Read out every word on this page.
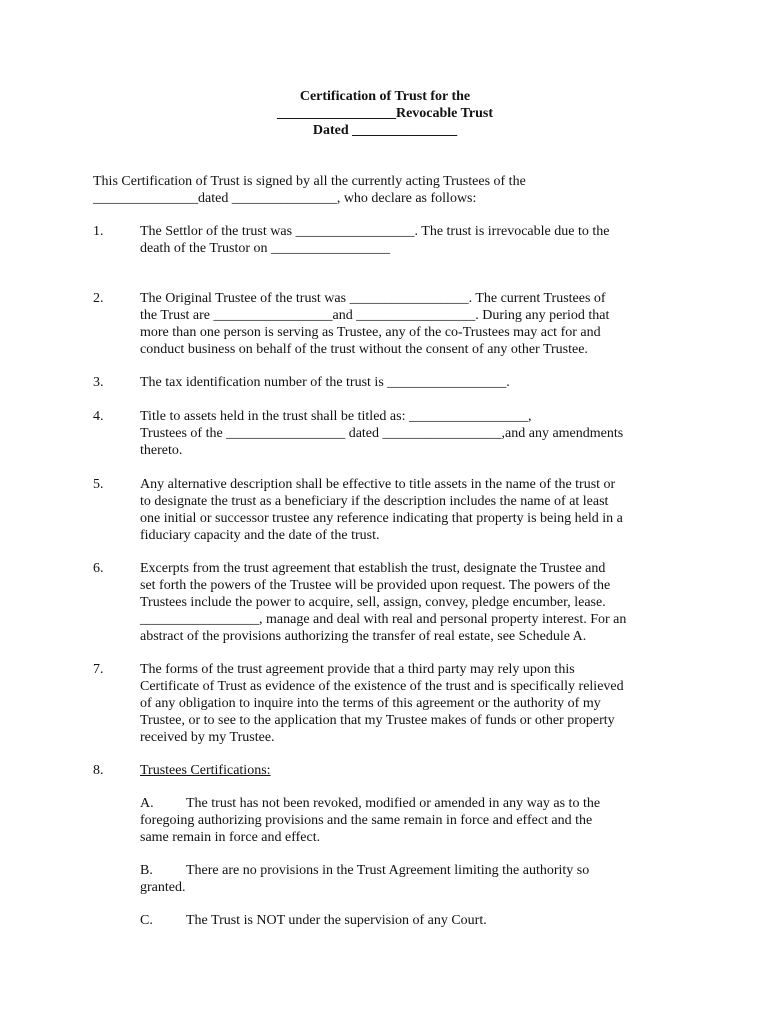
Certification of Trust for the
_________________Revocable Trust
Dated _______________
This Certification of Trust is signed by all the currently acting Trustees of the
_______________dated _______________, who declare as follows:
1.	The Settlor of the trust was _________________. The trust is irrevocable due to the
death of the Trustor on _________________
2.	The Original Trustee of the trust was _________________. The current Trustees of
the Trust are _________________and _________________. During any period that
more than one person is serving as Trustee, any of the co-Trustees may act for and
conduct business on behalf of the trust without the consent of any other Trustee.
3.	The tax identification number of the trust is _________________.
4.	Title to assets held in the trust shall be titled as: _________________,
Trustees of the _________________ dated _________________,and any amendments
thereto.
5.	Any alternative description shall be effective to title assets in the name of the trust or
to designate the trust as a beneficiary if the description includes the name of at least
one initial or successor trustee any reference indicating that property is being held in a
fiduciary capacity and the date of the trust.
6.	Excerpts from the trust agreement that establish the trust, designate the Trustee and
set forth the powers of the Trustee will be provided upon request. The powers of the
Trustees include the power to acquire, sell, assign, convey, pledge encumber, lease.
_________________, manage and deal with real and personal property interest. For an
abstract of the provisions authorizing the transfer of real estate, see Schedule A.
7.	The forms of the trust agreement provide that a third party may rely upon this
Certificate of Trust as evidence of the existence of the trust and is specifically relieved
of any obligation to inquire into the terms of this agreement or the authority of my
Trustee, or to see to the application that my Trustee makes of funds or other property
received by my Trustee.
8.	Trustees Certifications:
A. The trust has not been revoked, modified or amended in any way as to the
foregoing authorizing provisions and the same remain in force and effect and the
same remain in force and effect.
B. There are no provisions in the Trust Agreement limiting the authority so
granted.
C. The Trust is NOT under the supervision of any Court.
